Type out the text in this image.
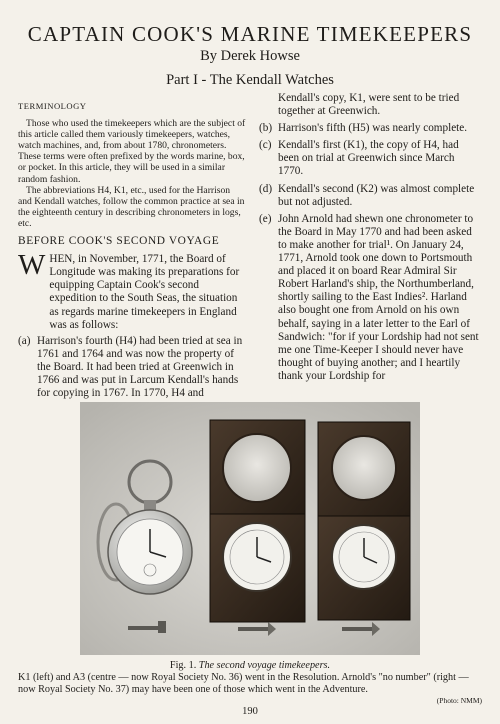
CAPTAIN COOK'S MARINE TIMEKEEPERS
By Derek Howse
Part I - The Kendall Watches
TERMINOLOGY

Those who used the timekeepers which are the subject of this article called them variously timekeepers, watches, watch machines, and, from about 1780, chronometers. These terms were often prefixed by the words marine, box, or pocket. In this article, they will be used in a similar random fashion.

The abbreviations H4, K1, etc., used for the Harrison and Kendall watches, follow the common practice at sea in the eighteenth century in describing chronometers in logs, etc.

BEFORE COOK'S SECOND VOYAGE
W HEN, in November, 1771, the Board of Longitude was making its preparations for equipping Captain Cook's second expedition to the South Seas, the situation as regards marine timekeepers in England was as follows:

(a) Harrison's fourth (H4) had been tried at sea in 1761 and 1764 and was now the property of the Board. It had been tried at Greenwich in 1766 and was put in Larcum Kendall's hands for copying in 1767. In 1770, H4 and

Kendall's copy, K1, were sent to be tried together at Greenwich.

(b) Harrison's fifth (H5) was nearly complete.
(c) Kendall's first (K1), the copy of H4, had been on trial at Greenwich since March 1770.
(d) Kendall's second (K2) was almost complete but not adjusted.
(e) John Arnold had shewn one chronometer to the Board in May 1770 and had been asked to make another for trial¹. On January 24, 1771, Arnold took one down to Portsmouth and placed it on board Rear Admiral Sir Robert Harland's ship, the Northumberland, shortly sailing to the East Indies². Harland also bought one from Arnold on his own behalf, saying in a later letter to the Earl of Sandwich: "for if your Lordship had not sent me one Time-Keeper I should never have thought of buying another; and I heartily thank your Lordship for
Fig. 1. The second voyage timekeepers.
K1 (left) and A3 (centre — now Royal Society No. 36) went in the Resolution. Arnold's "no number" (right — now Royal Society No. 37) may have been one of those which went in the Adventure.
(Photo: NMM)
190
